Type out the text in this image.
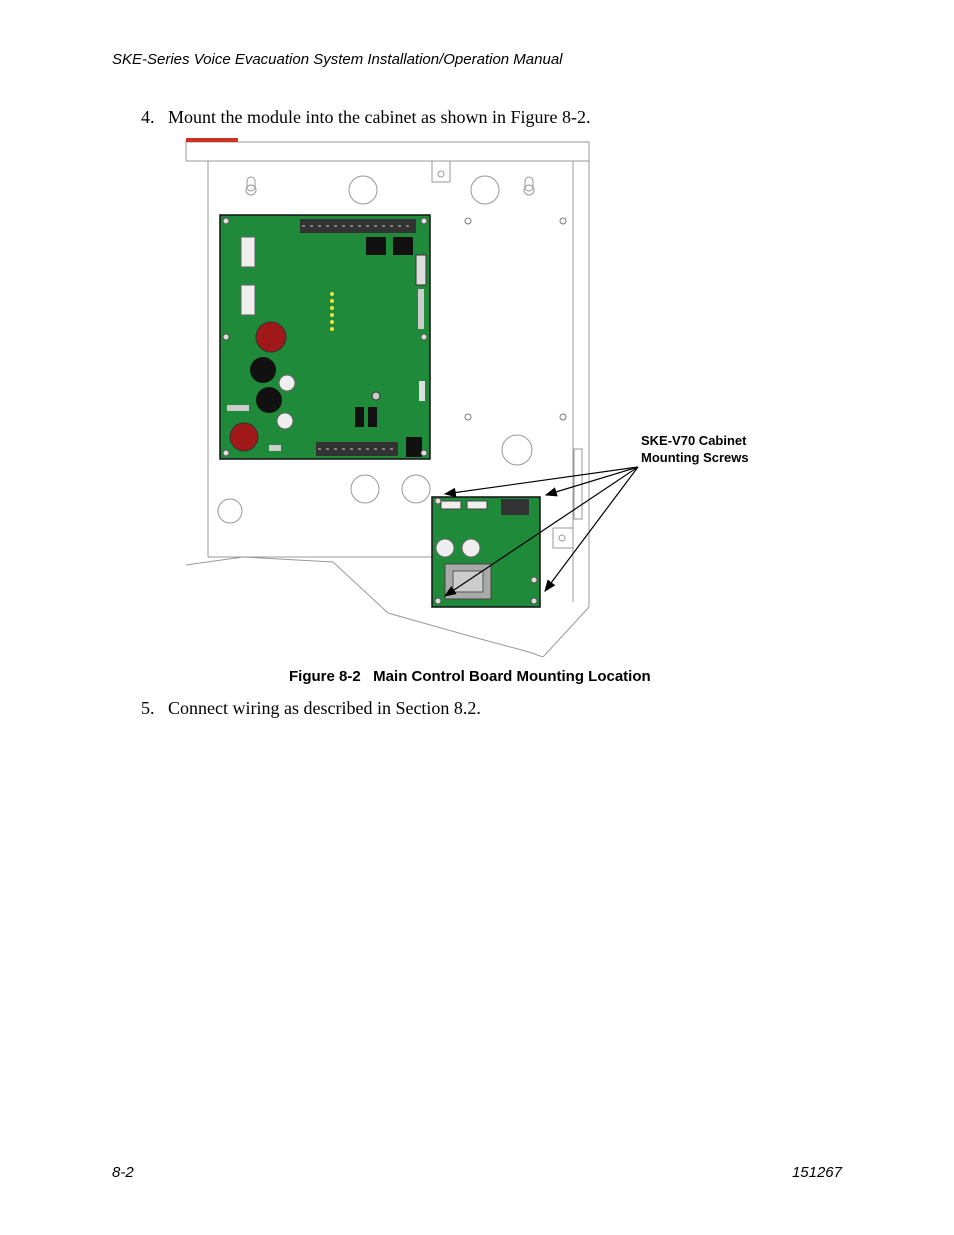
SKE-Series Voice Evacuation System Installation/Operation Manual
4. Mount the module into the cabinet as shown in Figure 8-2.
SKE-V70 Cabinet
Mounting Screws
Figure 8-2   Main Control Board Mounting Location
5. Connect wiring as described in Section 8.2.
8-2	151267
